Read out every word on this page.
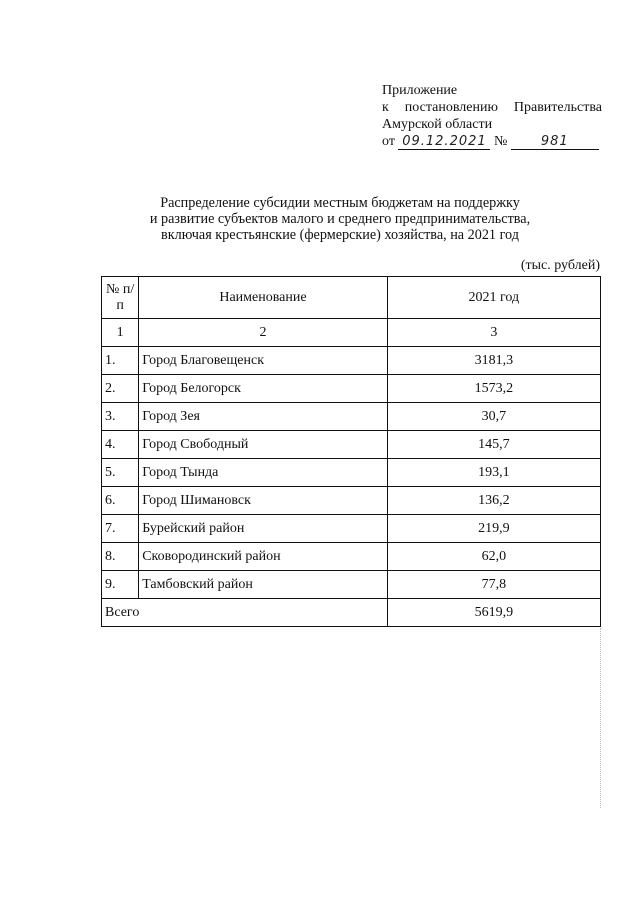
Приложение
к постановлению Правительства
Амурской области
от 09.12.2021 №	981
Распределение субсидии местным бюджетам на поддержку
и развитие субъектов малого и среднего предпринимательства,
включая крестьянские (фермерские) хозяйства, на 2021 год
(тыс. рублей)
№ п/п	Наименование	2021 год
1	2	3
1.	Город Благовещенск	3181,3
2.	Город Белогорск	1573,2
3.	Город Зея	30,7
4.	Город Свободный	145,7
5.	Город Тында	193,1
6.	Город Шимановск	136,2
7.	Бурейский район	219,9
8.	Сковородинский район	62,0
9.	Тамбовский район	77,8
Всего		5619,9
